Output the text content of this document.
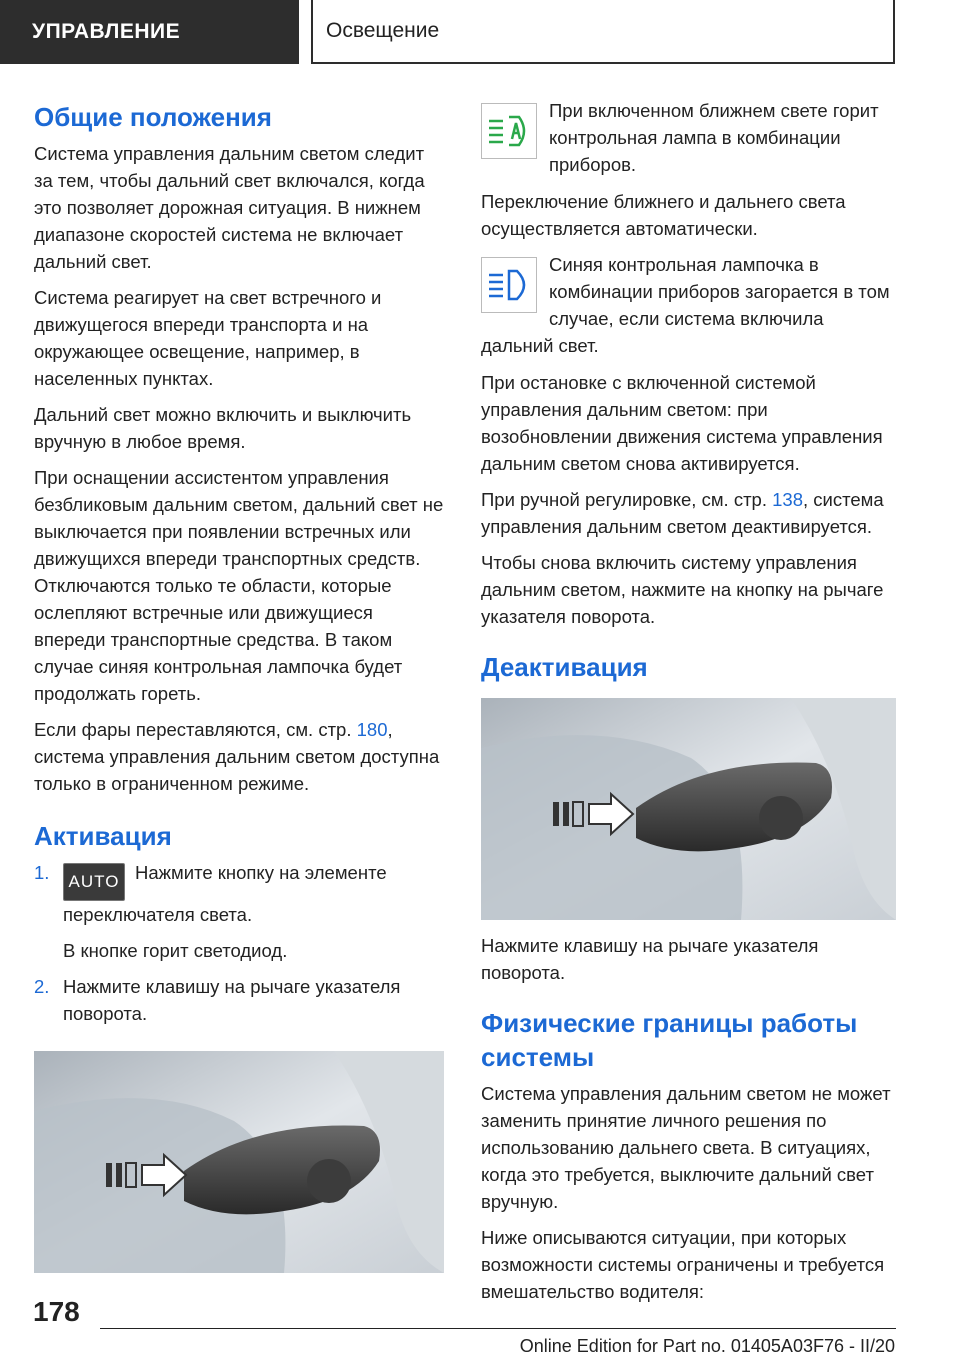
УПРАВЛЕНИЕ	Освещение
Общие положения

Система управления дальним светом следит за тем, чтобы дальний свет включался, когда это позволяет дорожная ситуация. В нижнем диапазоне скоростей система не включает дальний свет.

Система реагирует на свет встречного и движущегося впереди транспорта и на окружающее освещение, например, в населенных пунктах.

Дальний свет можно включить и выключить вручную в любое время.

При оснащении ассистентом управления безбликовым дальним светом, дальний свет не выключается при появлении встречных или движущихся впереди транспортных средств. Отключаются только те области, которые ослепляют встречные или движущиеся впереди транспортные средства. В таком случае синяя контрольная лампочка будет продолжать гореть.

Если фары переставляются, см. стр. 180, система управления дальним светом доступна только в ограниченном режиме.

Активация

1. AUTO Нажмите кнопку на элементе переключателя света.

В кнопке горит светодиод.

2. Нажмите клавишу на рычаге указателя поворота.

При включенном ближнем свете горит контрольная лампа в комбинации приборов.

Переключение ближнего и дальнего света осуществляется автоматически.

Синяя контрольная лампочка в комбинации приборов загорается в том случае, если система включила дальний свет.

При остановке с включенной системой управления дальним светом: при возобновлении движения система управления дальним светом снова активируется.

При ручной регулировке, см. стр. 138, система управления дальним светом деактивируется.

Чтобы снова включить систему управления дальним светом, нажмите на кнопку на рычаге указателя поворота.

Деактивация

Нажмите клавишу на рычаге указателя поворота.

Физические границы работы системы

Система управления дальним светом не может заменить принятие личного решения по использованию дальнего света. В ситуациях, когда это требуется, выключите дальний свет вручную.

Ниже описываются ситуации, при которых возможности системы ограничены и требуется вмешательство водителя:

178
Online Edition for Part no. 01405A03F76 - II/20
